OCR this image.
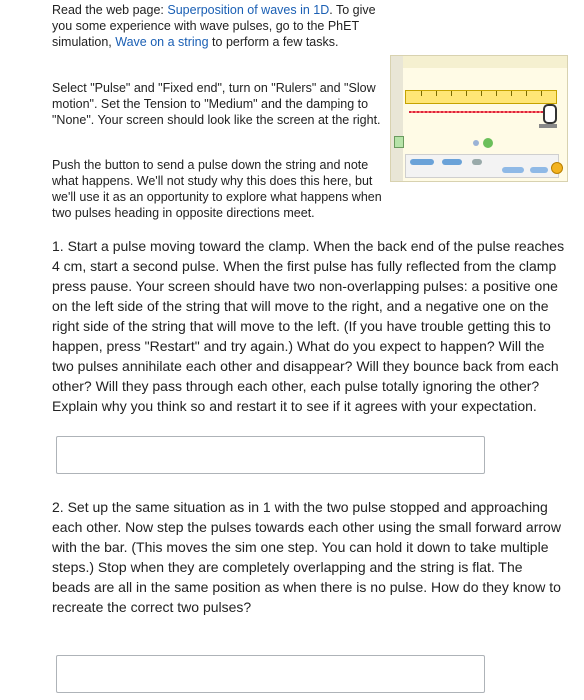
Read the web page: Superposition of waves in 1D. To give you some experience with wave pulses, go to the PhET simulation, Wave on a string to perform a few tasks.

Select "Pulse" and "Fixed end", turn on "Rulers" and "Slow motion". Set the Tension to "Medium" and the damping to "None". Your screen should look like the screen at the right.

Push the button to send a pulse down the string and note what happens. We'll not study why this does this here, but we'll use it as an opportunity to explore what happens when two pulses heading in opposite directions meet.

1. Start a pulse moving toward the clamp. When the back end of the pulse reaches 4 cm, start a second pulse. When the first pulse has fully reflected from the clamp press pause. Your screen should have two non-overlapping pulses: a positive one on the left side of the string that will move to the right, and a negative one on the right side of the string that will move to the left. (If you have trouble getting this to happen, press "Restart" and try again.) What do you expect to happen? Will the two pulses annihilate each other and disappear? Will they bounce back from each other? Will they pass through each other, each pulse totally ignoring the other? Explain why you think so and restart it to see if it agrees with your expectation.

2. Set up the same situation as in 1 with the two pulse stopped and approaching each other. Now step the pulses towards each other using the small forward arrow with the bar. (This moves the sim one step. You can hold it down to take multiple steps.) Stop when they are completely overlapping and the string is flat. The beads are all in the same position as when there is no pulse. How do they know to recreate the correct two pulses?
